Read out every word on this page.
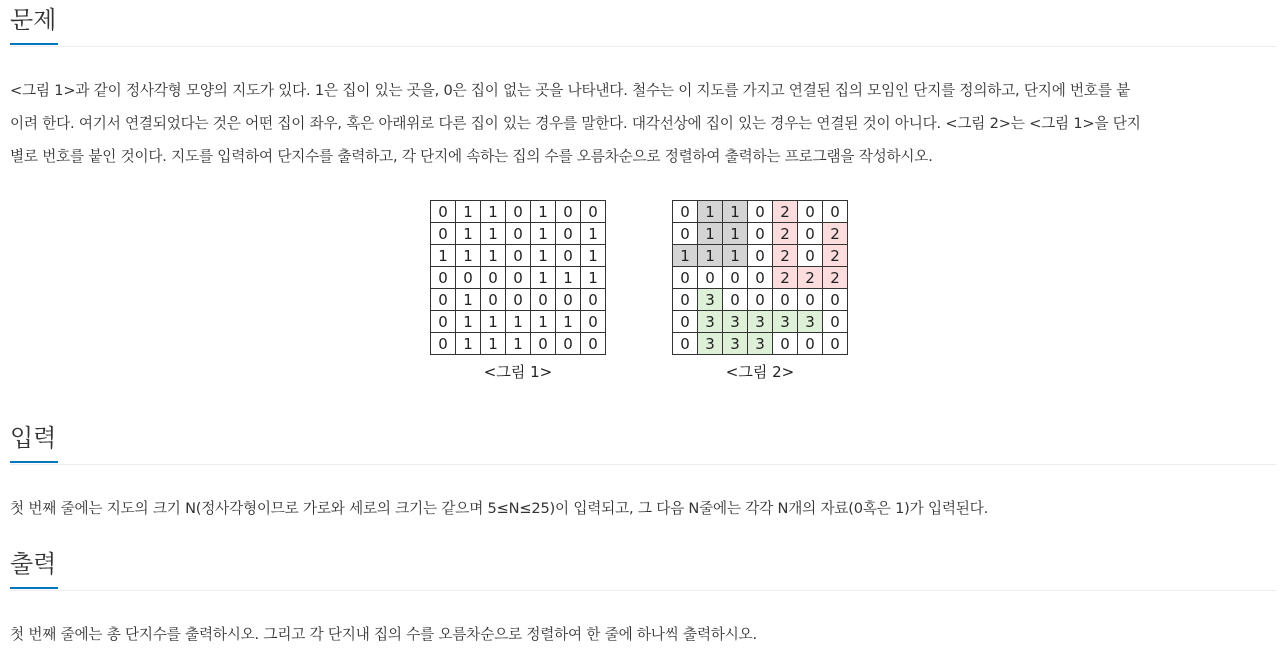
문제
<그림 1>과 같이 정사각형 모양의 지도가 있다. 1은 집이 있는 곳을, 0은 집이 없는 곳을 나타낸다. 철수는 이 지도를 가지고 연결된 집의 모임인 단지를 정의하고, 단지에 번호를 붙
이려 한다. 여기서 연결되었다는 것은 어떤 집이 좌우, 혹은 아래위로 다른 집이 있는 경우를 말한다. 대각선상에 집이 있는 경우는 연결된 것이 아니다. <그림 2>는 <그림 1>을 단지
별로 번호를 붙인 것이다. 지도를 입력하여 단지수를 출력하고, 각 단지에 속하는 집의 수를 오름차순으로 정렬하여 출력하는 프로그램을 작성하시오.
0	1	1	0	1	0	0
0	1	1	0	1	0	1
1	1	1	0	1	0	1
0	0	0	0	1	1	1
0	1	0	0	0	0	0
0	1	1	1	1	1	0
0	1	1	1	0	0	0
<그림 1>
0	1	1	0	2	0	0
0	1	1	0	2	0	2
1	1	1	0	2	0	2
0	0	0	0	2	2	2
0	3	0	0	0	0	0
0	3	3	3	3	3	0
0	3	3	3	0	0	0
<그림 2>
입력
첫 번째 줄에는 지도의 크기 N(정사각형이므로 가로와 세로의 크기는 같으며 5≤N≤25)이 입력되고, 그 다음 N줄에는 각각 N개의 자료(0혹은 1)가 입력된다.
출력
첫 번째 줄에는 총 단지수를 출력하시오. 그리고 각 단지내 집의 수를 오름차순으로 정렬하여 한 줄에 하나씩 출력하시오.
